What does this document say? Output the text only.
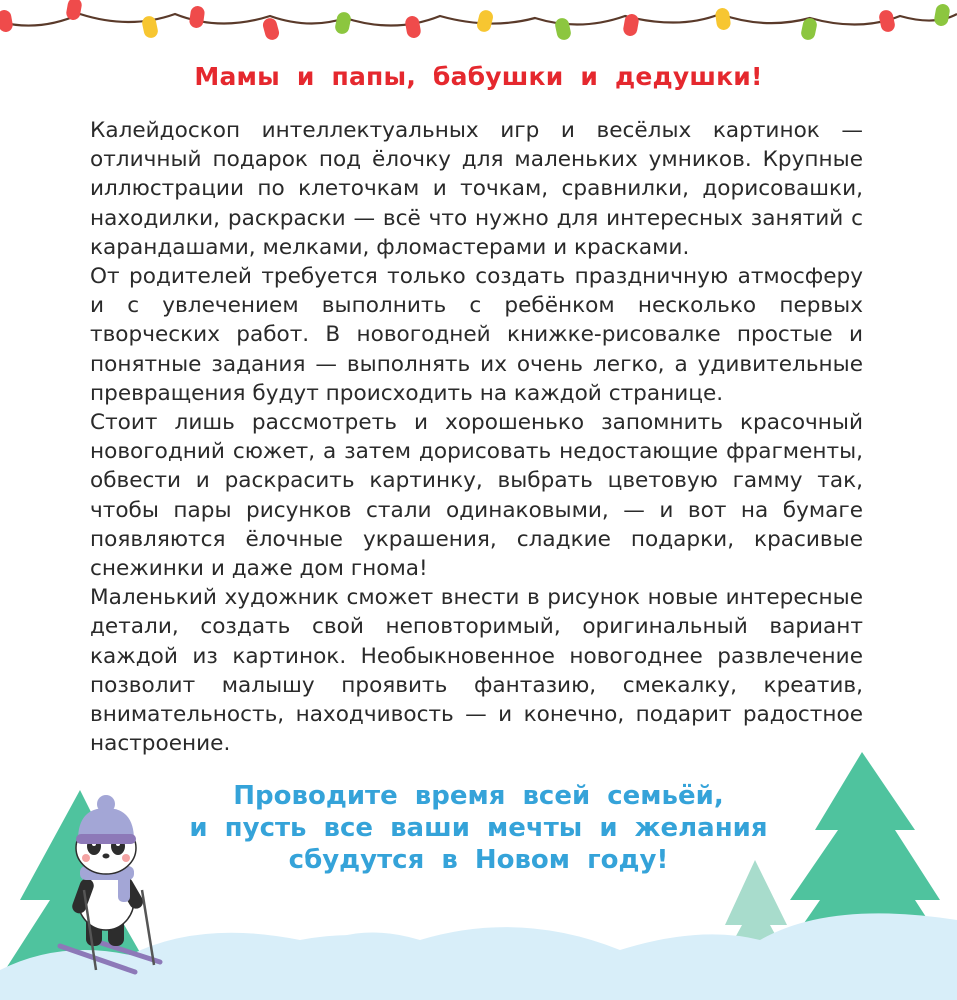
Мамы и папы, бабушки и дедушки!

Калейдоскоп интеллектуальных игр и весёлых картинок — отличный подарок под ёлочку для маленьких умников. Крупные иллюстрации по клеточкам и точкам, сравнилки, дорисовашки, находилки, раскраски — всё что нужно для интересных занятий с карандашами, мелками, фломастерами и красками.

От родителей требуется только создать праздничную атмосферу и с увлечением выполнить с ребёнком несколько первых творческих работ. В новогодней книжке-рисовалке простые и понятные задания — выполнять их очень легко, а удивительные превращения будут происходить на каждой странице.

Стоит лишь рассмотреть и хорошенько запомнить красочный новогодний сюжет, а затем дорисовать недостающие фрагменты, обвести и раскрасить картинку, выбрать цветовую гамму так, чтобы пары рисунков стали одинаковыми, — и вот на бумаге появляются ёлочные украшения, сладкие подарки, красивые снежинки и даже дом гнома!

Маленький художник сможет внести в рисунок новые интересные детали, создать свой неповторимый, оригинальный вариант каждой из картинок. Необыкновенное новогоднее развлечение позволит малышу проявить фантазию, смекалку, креатив, внимательность, находчивость — и конечно, подарит радостное настроение.

Проводите время всей семьёй,
и пусть все ваши мечты и желания
сбудутся в Новом году!
